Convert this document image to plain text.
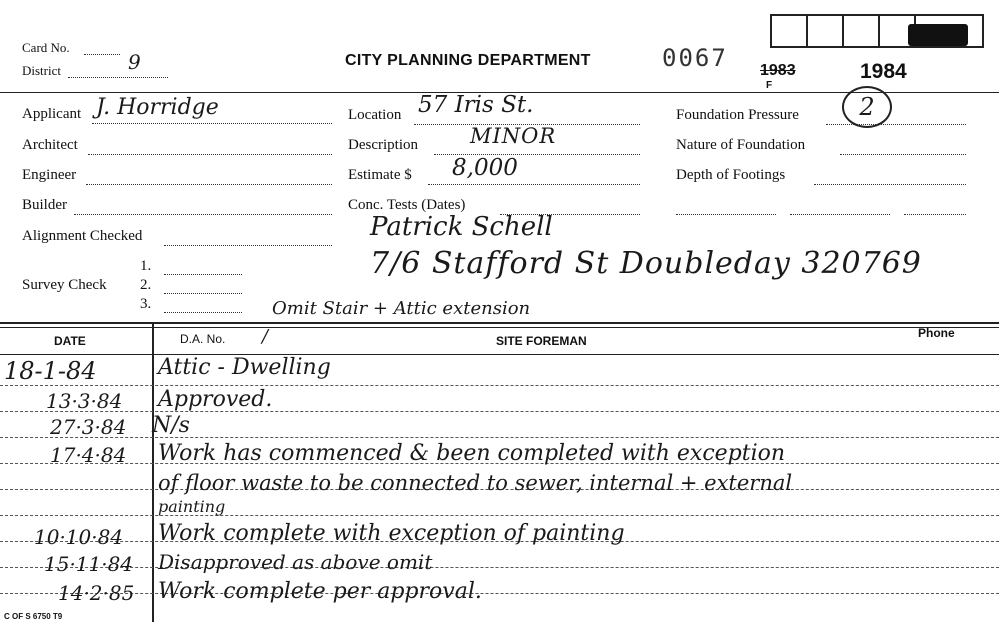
Card No.
District	9	CITY PLANNING DEPARTMENT	0067 1983
F
1984
Applicant J. Horridge
Architect
Engineer
Builder
Alignment Checked
Survey Check
1.
2.
3.
Location 57 Iris St.
Description MINOR
Estimate $ 8,000
Conc. Tests (Dates)
Foundation Pressure	2
Nature of Foundation
Depth of Footings
Patrick Schell
7/6 Stafford St Doubleday 320769
Omit Stair + Attic extension
DATE	D.A. No. /	SITE FOREMAN
Phone
18-1-84	Attic - Dwelling
13·3·84 Approved.
27·3·84 N/s
17·4·84 Work has commenced & been completed with exception
of floor waste to be connected to sewer, internal + external
painting
10·10·84 Work complete with exception of painting
15·11·84 Disapproved as above omit
14·2·85 Work complete per approval.
C OF S 6750 T9
